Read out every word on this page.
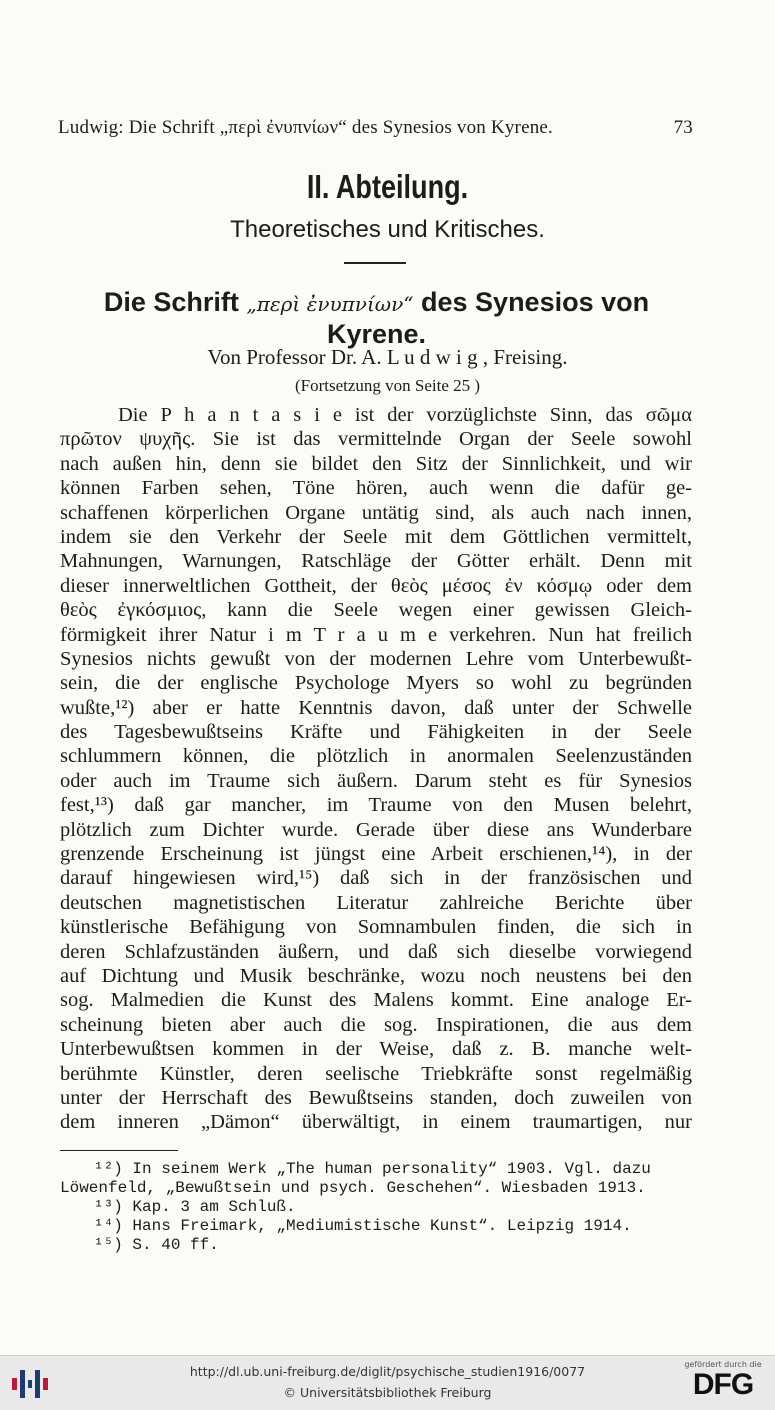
Ludwig: Die Schrift „περὶ ἐνυπνίων“ des Synesios von Kyrene.	73
II. Abteilung.
Theoretisches und Kritisches.
Die Schrift „περὶ ἐνυπνίων“ des Synesios von Kyrene.
Von Professor Dr. A. L u d w i g , Freising.
(Fortsetzung von Seite 25 )
Die P h a n t a s i e ist der vorzüglichste Sinn, das σῶμα
πρῶτον ψυχῆς. Sie ist das vermittelnde Organ der Seele sowohl
nach außen hin, denn sie bildet den Sitz der Sinnlichkeit, und wir
können Farben sehen, Töne hören, auch wenn die dafür ge-
schaffenen körperlichen Organe untätig sind, als auch nach innen,
indem sie den Verkehr der Seele mit dem Göttlichen vermittelt,
Mahnungen, Warnungen, Ratschläge der Götter erhält. Denn mit
dieser innerweltlichen Gottheit, der θεὸς μέσος ἐν κόσμῳ oder dem
θεὸς ἐγκόσμιος, kann die Seele wegen einer gewissen Gleich-
förmigkeit ihrer Natur i m T r a u m e verkehren. Nun hat freilich
Synesios nichts gewußt von der modernen Lehre vom Unterbewußt-
sein, die der englische Psychologe Myers so wohl zu begründen
wußte,¹²) aber er hatte Kenntnis davon, daß unter der Schwelle
des Tagesbewußtseins Kräfte und Fähigkeiten in der Seele
schlummern können, die plötzlich in anormalen Seelenzuständen
oder auch im Traume sich äußern. Darum steht es für Synesios
fest,¹³) daß gar mancher, im Traume von den Musen belehrt,
plötzlich zum Dichter wurde. Gerade über diese ans Wunderbare
grenzende Erscheinung ist jüngst eine Arbeit erschienen,¹⁴), in der
darauf hingewiesen wird,¹⁵) daß sich in der französischen und
deutschen magnetistischen Literatur zahlreiche Berichte über
künstlerische Befähigung von Somnambulen finden, die sich in
deren Schlafzuständen äußern, und daß sich dieselbe vorwiegend
auf Dichtung und Musik beschränke, wozu noch neustens bei den
sog. Malmedien die Kunst des Malens kommt. Eine analoge Er-
scheinung bieten aber auch die sog. Inspirationen, die aus dem
Unterbewußtsen kommen in der Weise, daß z. B. manche welt-
berühmte Künstler, deren seelische Triebkräfte sonst regelmäßig
unter der Herrschaft des Bewußtseins standen, doch zuweilen von
dem inneren „Dämon“ überwältigt, in einem traumartigen, nur
¹²) In seinem Werk „The human personality“ 1903. Vgl. dazu
Löwenfeld, „Bewußtsein und psych. Geschehen“. Wiesbaden 1913.
¹³) Kap. 3 am Schluß.
¹⁴) Hans Freimark, „Mediumistische Kunst“. Leipzig 1914.
¹⁵) S. 40 ff.
http://dl.ub.uni-freiburg.de/diglit/psychische_studien1916/0077
© Universitätsbibliothek Freiburg
gefördert durch die
DFG
